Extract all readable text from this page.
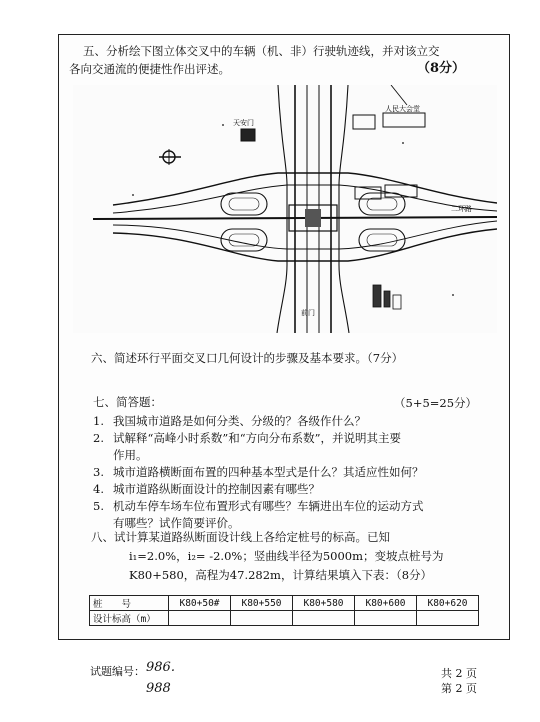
五、分析绘下图立体交叉中的车辆（机、非）行驶轨迹线，并对该立交
各向交通流的便捷性作出评述。	（8分）
天安门
人民大会堂
二环路
前门
六、简述环行平面交叉口几何设计的步骤及基本要求。（7分）
七、简答题：	（5+5=25分）
1. 我国城市道路是如何分类、分级的？各级作什么？
2. 试解释“高峰小时系数”和“方向分布系数”，并说明其主要
作用。
3. 城市道路横断面布置的四种基本型式是什么？其适应性如何？
4. 城市道路纵断面设计的控制因素有哪些？
5. 机动车停车场车位布置形式有哪些？车辆进出车位的运动方式
有哪些？试作简要评价。
八、试计算某道路纵断面设计线上各给定桩号的标高。已知
i₁=2.0%，i₂= -2.0%；竖曲线半径为5000m；变坡点桩号为
K80+580，高程为47.282m，计算结果填入下表：（8分）
桩　　号	K80+50#	K80+550	K80+580	K80+600	K80+620
设计标高（m）					
试题编号： 986.
988
共 2 页
第 2 页
